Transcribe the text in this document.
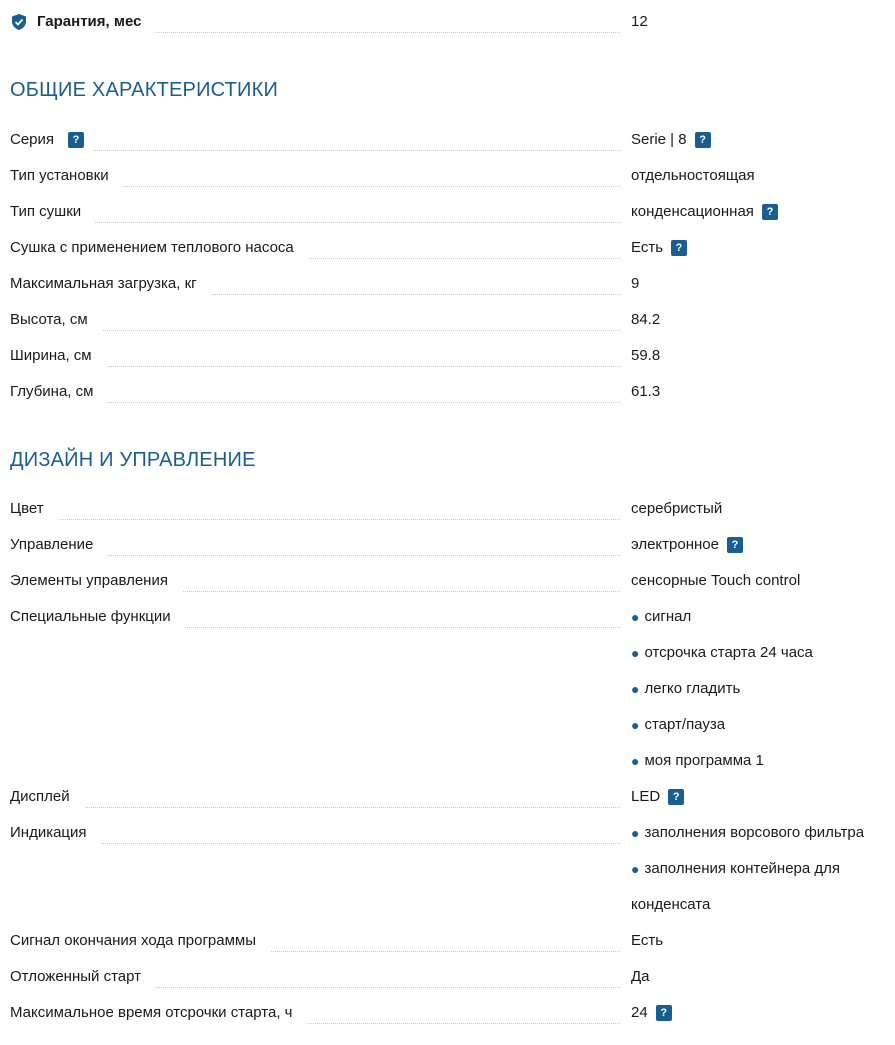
Гарантия, мес	12
ОБЩИЕ ХАРАКТЕРИСТИКИ
Серия	?	Serie | 8	?
Тип установки	отдельностоящая
Тип сушки	конденсационная	?
Сушка с применением теплового насоса	Есть	?
Максимальная загрузка, кг	9
Высота, см	84.2
Ширина, см	59.8
Глубина, см	61.3
ДИЗАЙН И УПРАВЛЕНИЕ
Цвет	серебристый
Управление	электронное	?
Элементы управления	сенсорные Touch control
Специальные функции	● сигнал
● отсрочка старта 24 часа
● легко гладить
● старт/пауза
● моя программа 1
Дисплей	LED	?
Индикация	● заполнения ворсового фильтра
● заполнения контейнера для
конденсата
Сигнал окончания хода программы	Есть
Отложенный старт	Да
Максимальное время отсрочки старта, ч	24	?
